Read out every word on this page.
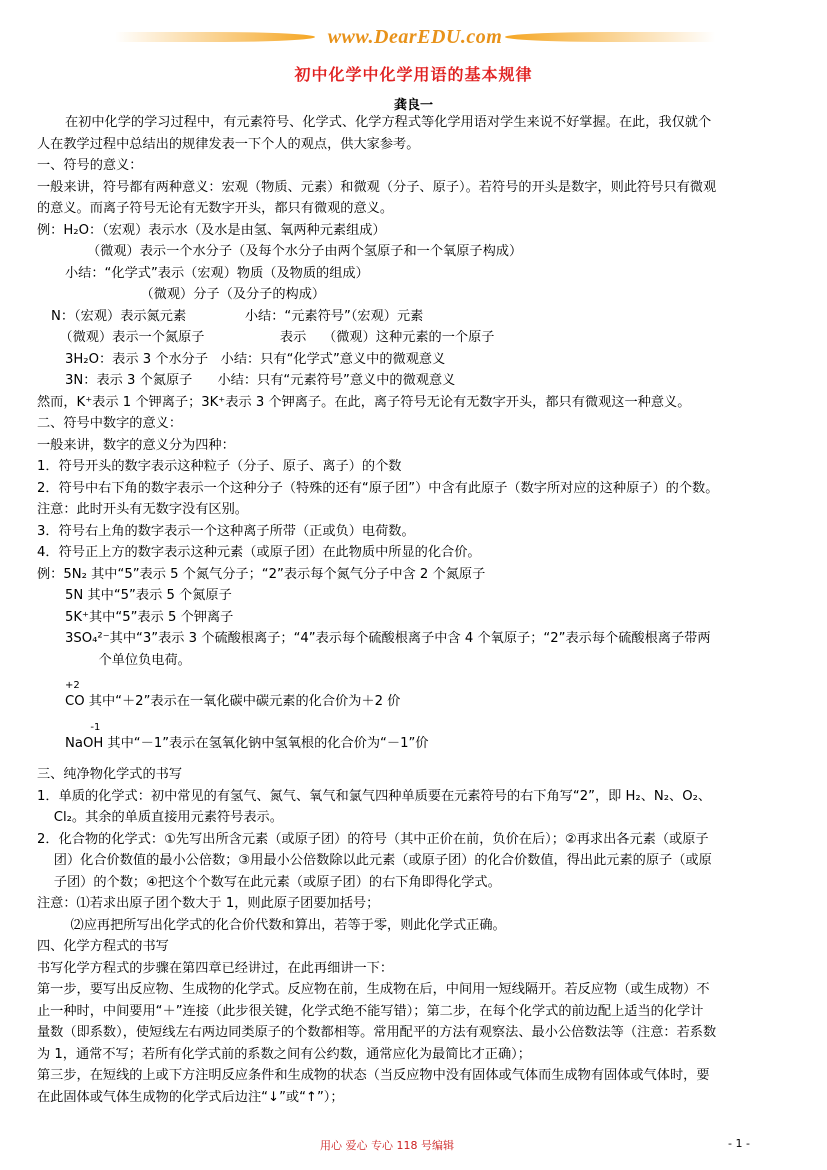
www.DearEDU.com
初中化学中化学用语的基本规律
龚良一

在初中化学的学习过程中，有元素符号、化学式、化学方程式等化学用语对学生来说不好掌握。在此，我仅就个

人在教学过程中总结出的规律发表一下个人的观点，供大家参考。

一、符号的意义：

一般来讲，符号都有两种意义：宏观（物质、元素）和微观（分子、原子）。若符号的开头是数字，则此符号只有微观

的意义。而离子符号无论有无数字开头，都只有微观的意义。

例：H₂O：（宏观）表示水（及水是由氢、氧两种元素组成）

（微观）表示一个水分子（及每个水分子由两个氢原子和一个氧原子构成）

小结：“化学式”表示（宏观）物质（及物质的组成）

（微观）分子（及分子的构成）

N：（宏观）表示氮元素              小结：“元素符号”（宏观）元素

（微观）表示一个氮原子                  表示    （微观）这种元素的一个原子

3H₂O：表示 3 个水分子   小结：只有“化学式”意义中的微观意义

3N：表示 3 个氮原子      小结：只有“元素符号”意义中的微观意义

然而，K⁺表示 1 个钾离子；3K⁺表示 3 个钾离子。在此，离子符号无论有无数字开头，都只有微观这一种意义。

二、符号中数字的意义：

一般来讲，数字的意义分为四种：

1．符号开头的数字表示这种粒子（分子、原子、离子）的个数

2．符号中右下角的数字表示一个这种分子（特殊的还有“原子团”）中含有此原子（数字所对应的这种原子）的个数。

注意：此时开头有无数字没有区别。

3．符号右上角的数字表示一个这种离子所带（正或负）电荷数。

4．符号正上方的数字表示这种元素（或原子团）在此物质中所显的化合价。

例：5N₂ 其中“5”表示 5 个氮气分子；“2”表示每个氮气分子中含 2 个氮原子

5N 其中“5”表示 5 个氮原子

5K⁺其中“5”表示 5 个钾离子

3SO₄²⁻其中“3”表示 3 个硫酸根离子；“4”表示每个硫酸根离子中含 4 个氧原子；“2”表示每个硫酸根离子带两

个单位负电荷。

+2

CO 其中“＋2”表示在一氧化碳中碳元素的化合价为＋2 价

-1

NaOH 其中“－1”表示在氢氧化钠中氢氧根的化合价为“－1”价

三、纯净物化学式的书写

1．单质的化学式：初中常见的有氢气、氮气、氧气和氯气四种单质要在元素符号的右下角写“2”，即 H₂、N₂、O₂、

Cl₂。其余的单质直接用元素符号表示。

2．化合物的化学式：①先写出所含元素（或原子团）的符号（其中正价在前，负价在后）；②再求出各元素（或原子

团）化合价数值的最小公倍数；③用最小公倍数除以此元素（或原子团）的化合价数值，得出此元素的原子（或原

子团）的个数；④把这个个数写在此元素（或原子团）的右下角即得化学式。

注意：⑴若求出原子团个数大于 1，则此原子团要加括号；

⑵应再把所写出化学式的化合价代数和算出，若等于零，则此化学式正确。

四、化学方程式的书写

书写化学方程式的步骤在第四章已经讲过，在此再细讲一下：

第一步，要写出反应物、生成物的化学式。反应物在前，生成物在后，中间用一短线隔开。若反应物（或生成物）不

止一种时，中间要用“＋”连接（此步很关键，化学式绝不能写错）；第二步，在每个化学式的前边配上适当的化学计

量数（即系数），使短线左右两边同类原子的个数都相等。常用配平的方法有观察法、最小公倍数法等（注意：若系数

为 1，通常不写；若所有化学式前的系数之间有公约数，通常应化为最简比才正确）；

第三步，在短线的上或下方注明反应条件和生成物的状态（当反应物中没有固体或气体而生成物有固体或气体时，要

在此固体或气体生成物的化学式后边注“↓”或“↑”）；

用心 爱心 专心 118 号编辑	- 1 -
